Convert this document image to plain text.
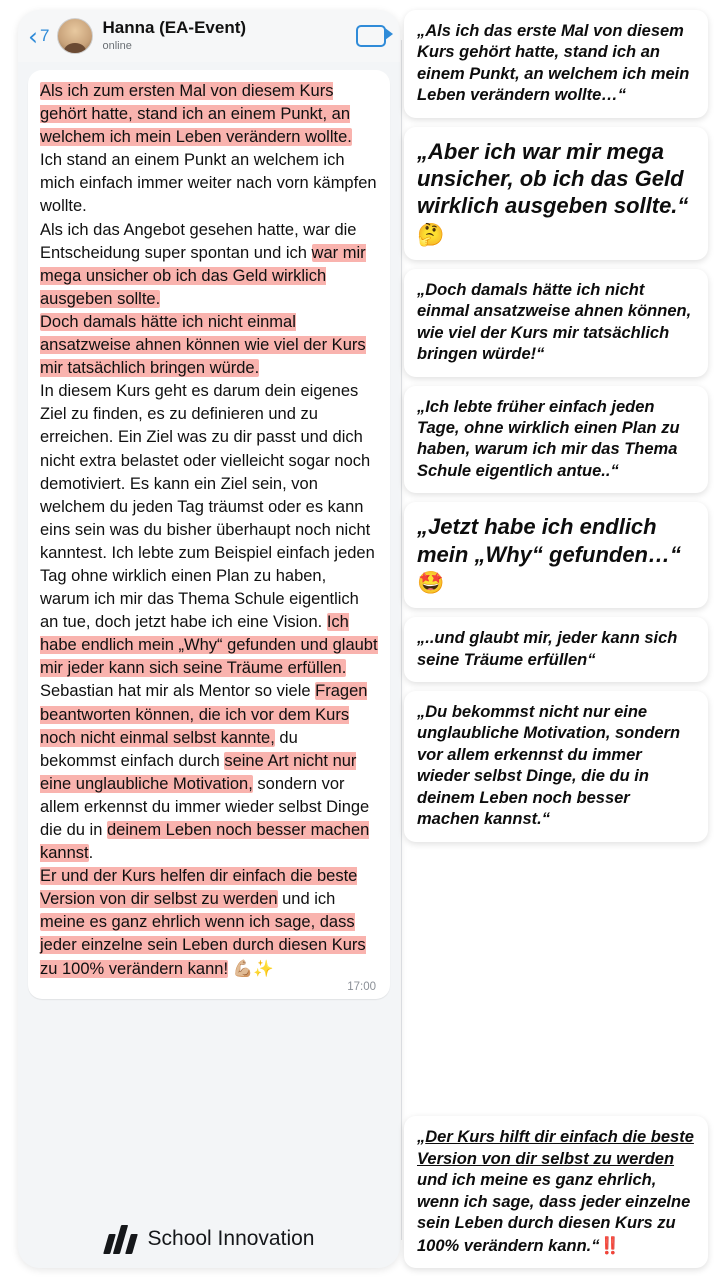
‹ 7	Hanna (EA-Event)
online
Als ich zum ersten Mal von diesem Kurs gehört hatte, stand ich an einem Punkt, an welchem ich mein Leben verändern wollte. Ich stand an einem Punkt an welchem ich mich einfach immer weiter nach vorn kämpfen wollte.
Als ich das Angebot gesehen hatte, war die Entscheidung super spontan und ich war mir mega unsicher ob ich das Geld wirklich ausgeben sollte.
Doch damals hätte ich nicht einmal ansatzweise ahnen können wie viel der Kurs mir tatsächlich bringen würde.
In diesem Kurs geht es darum dein eigenes Ziel zu finden, es zu definieren und zu erreichen. Ein Ziel was zu dir passt und dich nicht extra belastet oder vielleicht sogar noch demotiviert. Es kann ein Ziel sein, von welchem du jeden Tag träumst oder es kann eins sein was du bisher überhaupt noch nicht kanntest. Ich lebte zum Beispiel einfach jeden Tag ohne wirklich einen Plan zu haben, warum ich mir das Thema Schule eigentlich an tue, doch jetzt habe ich eine Vision. Ich habe endlich mein „Why“ gefunden und glaubt mir jeder kann sich seine Träume erfüllen.
Sebastian hat mir als Mentor so viele Fragen beantworten können, die ich vor dem Kurs noch nicht einmal selbst kannte, du bekommst einfach durch seine Art nicht nur eine unglaubliche Motivation, sondern vor allem erkennst du immer wieder selbst Dinge die du in deinem Leben noch besser machen kannst.
Er und der Kurs helfen dir einfach die beste Version von dir selbst zu werden und ich meine es ganz ehrlich wenn ich sage, dass jeder einzelne sein Leben durch diesen Kurs zu 100% verändern kann! 💪🏼✨
17:00
School Innovation
„Als ich das erste Mal von diesem Kurs gehört hatte, stand ich an einem Punkt, an welchem ich mein Leben verändern wollte…“
„Aber ich war mir mega unsicher, ob ich das Geld wirklich ausgeben sollte.“ 🤔
„Doch damals hätte ich nicht einmal ansatzweise ahnen können, wie viel der Kurs mir tatsächlich bringen würde!“
„Ich lebte früher einfach jeden Tage, ohne wirklich einen Plan zu haben, warum ich mir das Thema Schule eigentlich antue..“
„Jetzt habe ich endlich mein „Why“ gefunden…“ 🤩
„..und glaubt mir, jeder kann sich seine Träume erfüllen“
„Du bekommst nicht nur eine unglaubliche Motivation, sondern vor allem erkennst du immer wieder selbst Dinge, die du in deinem Leben noch besser machen kannst.“
„Der Kurs hilft dir einfach die beste Version von dir selbst zu werden und ich meine es ganz ehrlich, wenn ich sage, dass jeder einzelne sein Leben durch diesen Kurs zu 100% verändern kann.“‼️
